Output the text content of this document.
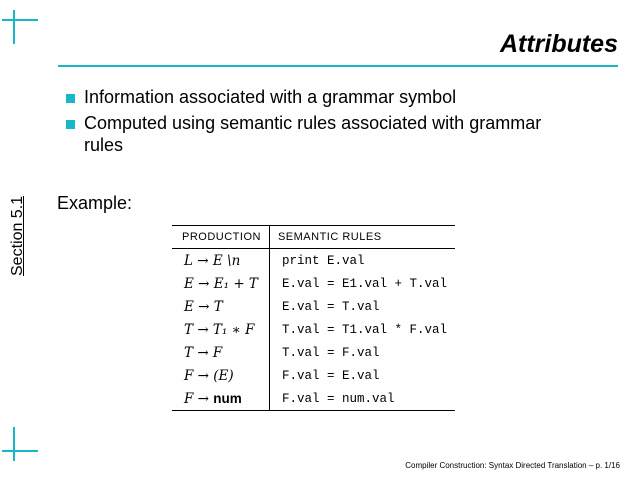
Attributes
Information associated with a grammar symbol
Computed using semantic rules associated with grammar rules
Section 5.1 Example:
PRODUCTION	SEMANTIC RULES
L → E \n	print E.val
E → E₁ + T	E.val = E1.val + T.val
E → T	E.val = T.val
T → T₁ ∗ F	T.val = T1.val * F.val
T → F	T.val = F.val
F → (E)	F.val = E.val
F → num	F.val = num.val
Compiler Construction: Syntax Directed Translation – p. 1/16
